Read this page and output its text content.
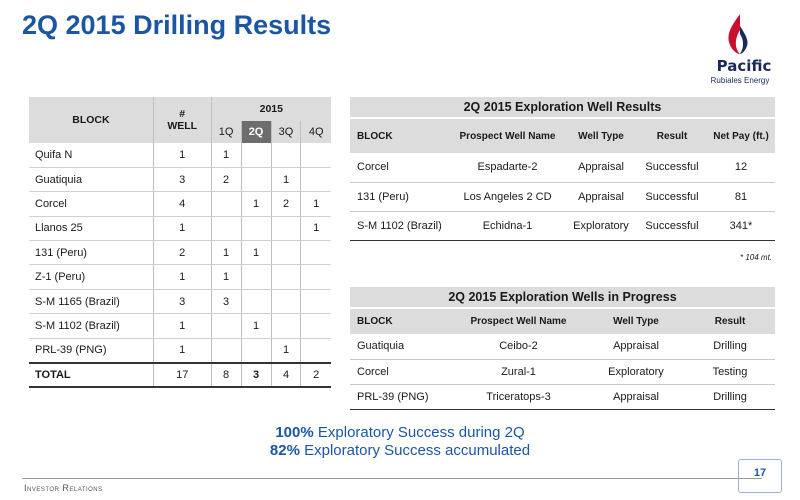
2Q 2015 Drilling Results
Pacific
Rubiales Energy
BLOCK	#
WELL	2015			
		1Q	2Q	3Q	4Q
Quifa N	1	1			
Guatiquia	3	2		1	
Corcel	4		1	2	1
Llanos 25	1				1
131 (Peru)	2	1	1		
Z-1 (Peru)	1	1			
S-M 1165 (Brazil)	3	3			
S-M 1102 (Brazil)	1		1		
PRL-39 (PNG)	1			1	
TOTAL	17	8	3	4	2
2Q 2015 Exploration Well Results				
BLOCK	Prospect Well Name	Well Type	Result	Net Pay (ft.)
Corcel	Espadarte-2	Appraisal	Successful	12
131 (Peru)	Los Angeles 2 CD	Appraisal	Successful	81
S-M 1102 (Brazil)	Echidna-1	Exploratory	Successful	341*
* 104 mt.
2Q 2015 Exploration Wells in Progress			
BLOCK	Prospect Well Name	Well Type	Result
Guatiquia	Ceibo-2	Appraisal	Drilling
Corcel	Zural-1	Exploratory	Testing
PRL-39 (PNG)	Triceratops-3	Appraisal	Drilling
100% Exploratory Success during 2Q
82% Exploratory Success accumulated
Investor Relations
17
